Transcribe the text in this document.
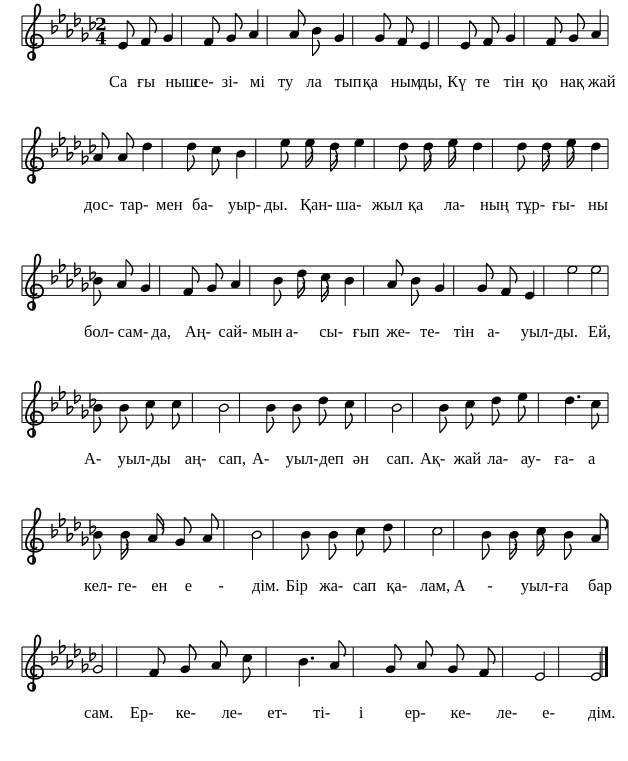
2
4
Са ғы ныш
се- зі- мі ту ла тып қа ным
ды, Кү те тін қо нақ жай
дос- тар- мен ба- уыр- ды. Қан- ша- жыл қа ла- ның тұр- ғы- ны
бол- сам- да, Аң- сай- мын а- сы- ғып же- те- тін а- уыл- ды. Ей,
А- уыл- ды аң- сап, А- уыл- деп ән сап. Ақ- жай ла- ау- ға- а
кел- ге- ен е - дім. Бір жа- сап қа- лам, А - уыл- ға бар
сам. Ер- ке- ле- ет- ті- і ер- ке- ле- е- дім.
